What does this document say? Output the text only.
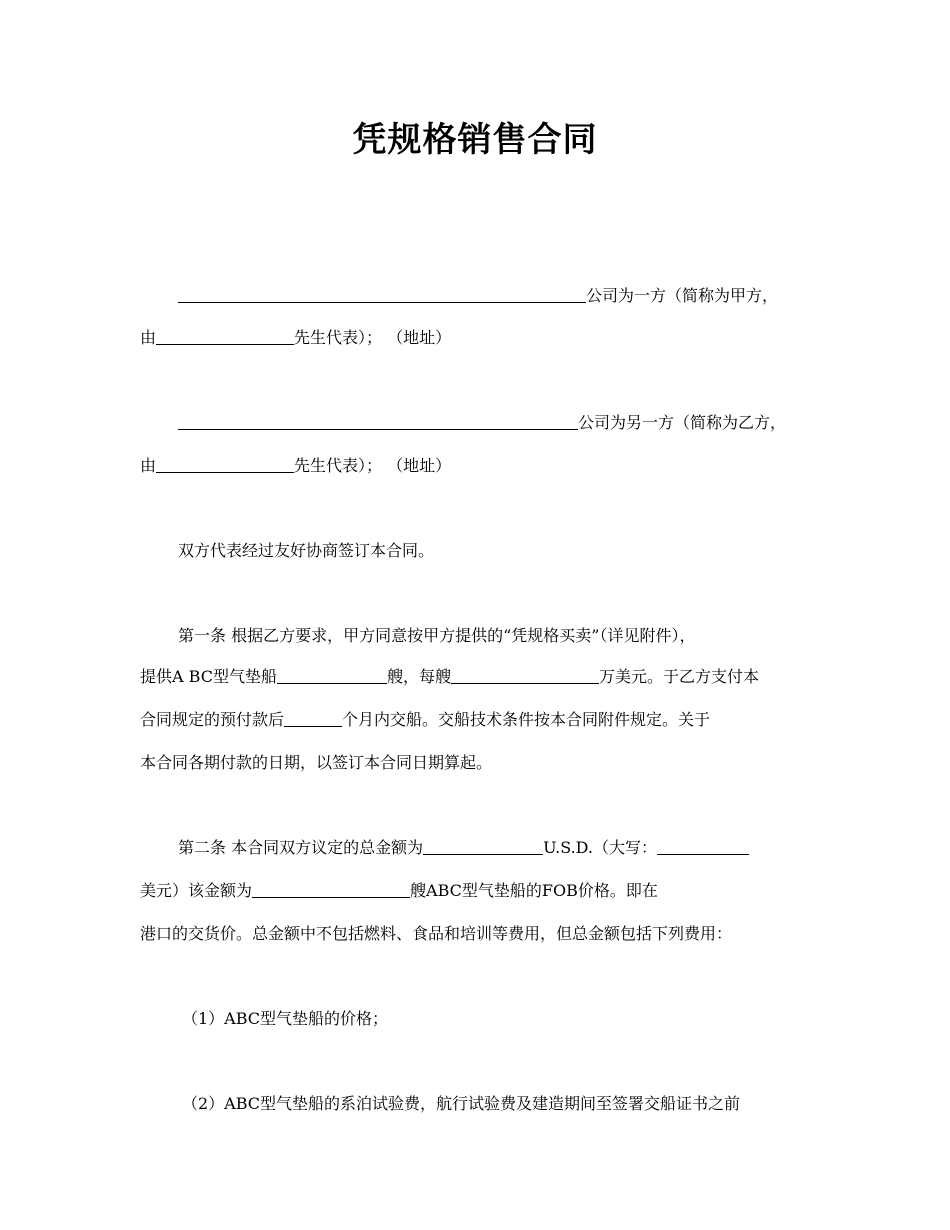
凭规格销售合同
公司为一方（简称为甲方，
由	先生代表）； （地址）
公司为另一方（简称为乙方，
由	先生代表）； （地址）
双方代表经过友好协商签订本合同。
第一条 根据乙方要求，甲方同意按甲方提供的“凭规格买卖”（详见附件），
提供A BC型气垫船	艘，每艘	万美元。于乙方支付本
合同规定的预付款后	个月内交船。交船技术条件按本合同附件规定。关于
本合同各期付款的日期，以签订本合同日期算起。
第二条 本合同双方议定的总金额为	U.S.D.（大写：
美元）该金额为	艘ABC型气垫船的FOB价格。即在
港口的交货价。总金额中不包括燃料、食品和培训等费用，但总金额包括下列费用：
（1）ABC型气垫船的价格；
（2）ABC型气垫船的系泊试验费，航行试验费及建造期间至签署交船证书之前
